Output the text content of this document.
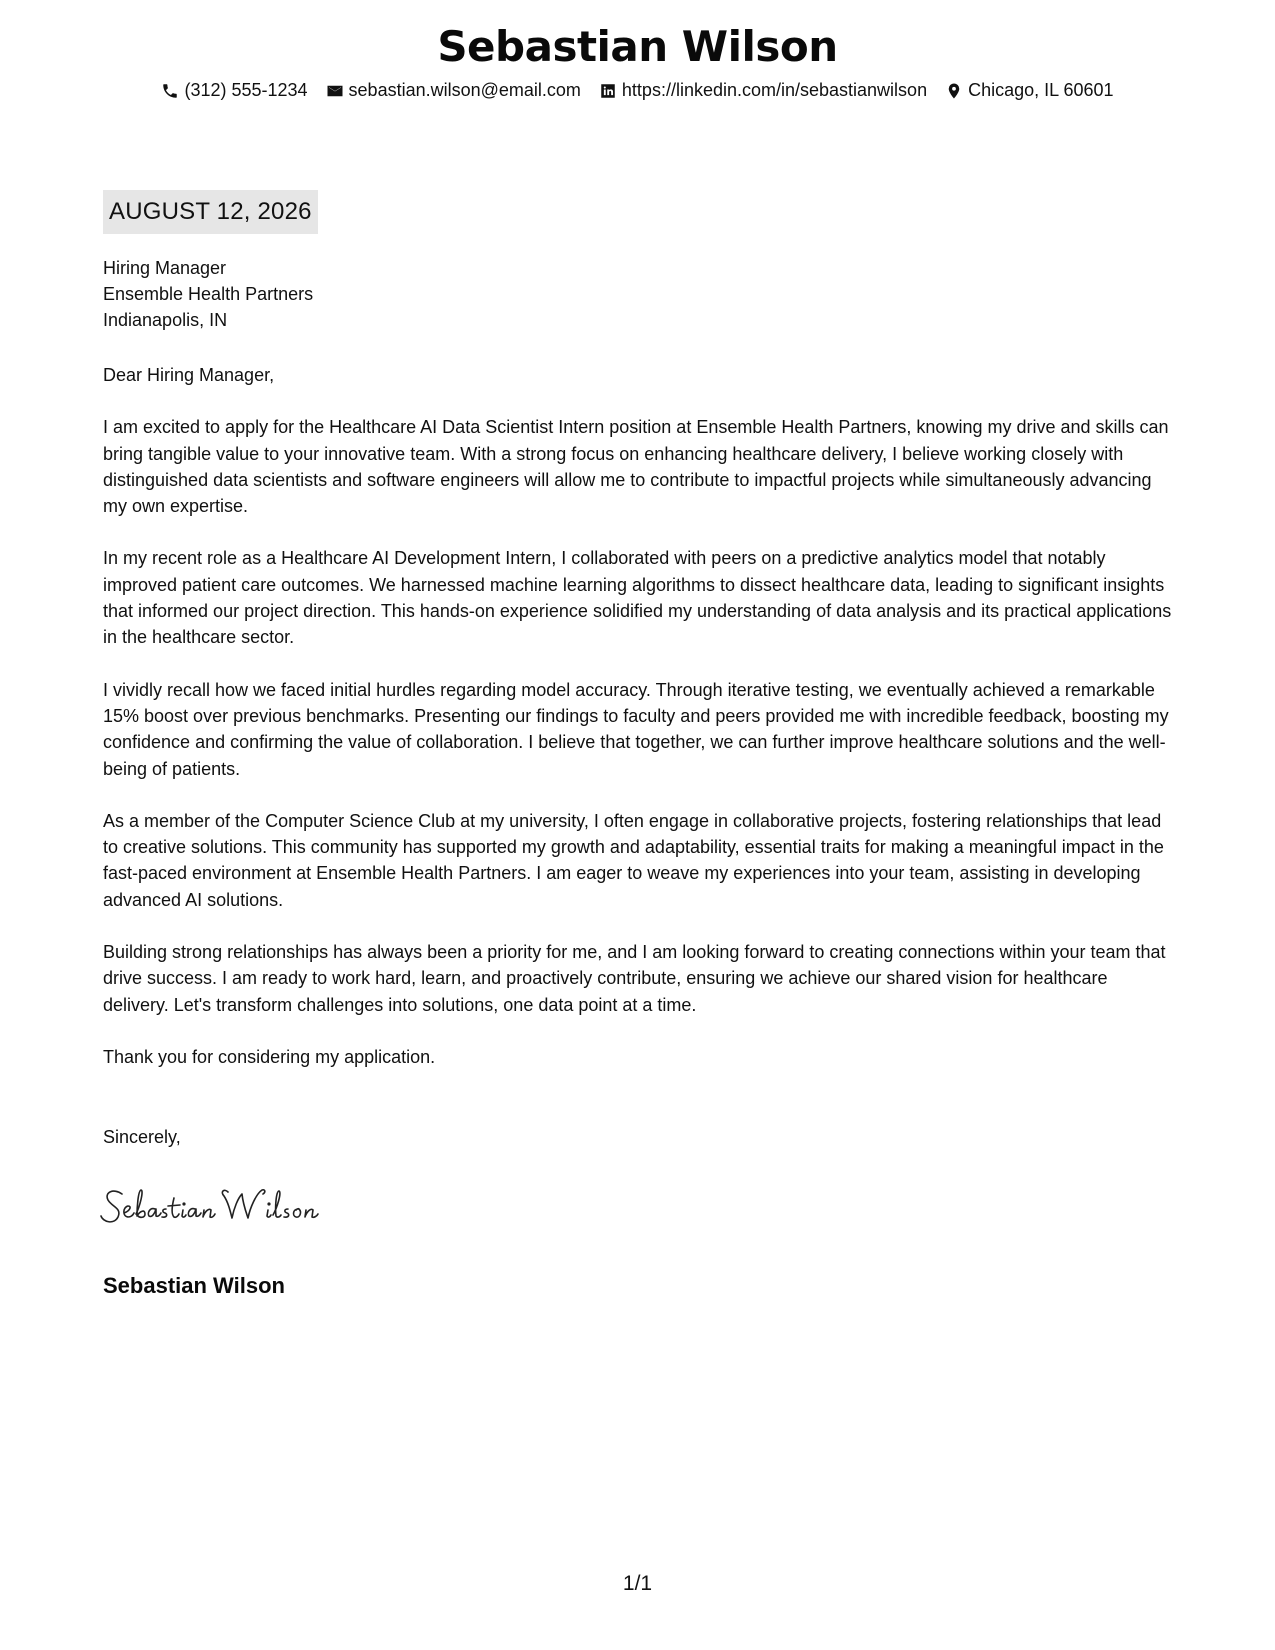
Sebastian Wilson
(312) 555-1234 sebastian.wilson@email.com https://linkedin.com/in/sebastianwilson Chicago, IL 60601
AUGUST 12, 2026
Hiring Manager
Ensemble Health Partners
Indianapolis, IN

Dear Hiring Manager,

I am excited to apply for the Healthcare AI Data Scientist Intern position at Ensemble Health Partners, knowing my drive and skills can bring tangible value to your innovative team. With a strong focus on enhancing healthcare delivery, I believe working closely with distinguished data scientists and software engineers will allow me to contribute to impactful projects while simultaneously advancing my own expertise.

In my recent role as a Healthcare AI Development Intern, I collaborated with peers on a predictive analytics model that notably improved patient care outcomes. We harnessed machine learning algorithms to dissect healthcare data, leading to significant insights that informed our project direction. This hands-on experience solidified my understanding of data analysis and its practical applications in the healthcare sector.

I vividly recall how we faced initial hurdles regarding model accuracy. Through iterative testing, we eventually achieved a remarkable 15% boost over previous benchmarks. Presenting our findings to faculty and peers provided me with incredible feedback, boosting my confidence and confirming the value of collaboration. I believe that together, we can further improve healthcare solutions and the well-being of patients.

As a member of the Computer Science Club at my university, I often engage in collaborative projects, fostering relationships that lead to creative solutions. This community has supported my growth and adaptability, essential traits for making a meaningful impact in the fast-paced environment at Ensemble Health Partners. I am eager to weave my experiences into your team, assisting in developing advanced AI solutions.

Building strong relationships has always been a priority for me, and I am looking forward to creating connections within your team that drive success. I am ready to work hard, learn, and proactively contribute, ensuring we achieve our shared vision for healthcare delivery. Let's transform challenges into solutions, one data point at a time.

Thank you for considering my application.

Sincerely,
Sebastian Wilson
1/1
